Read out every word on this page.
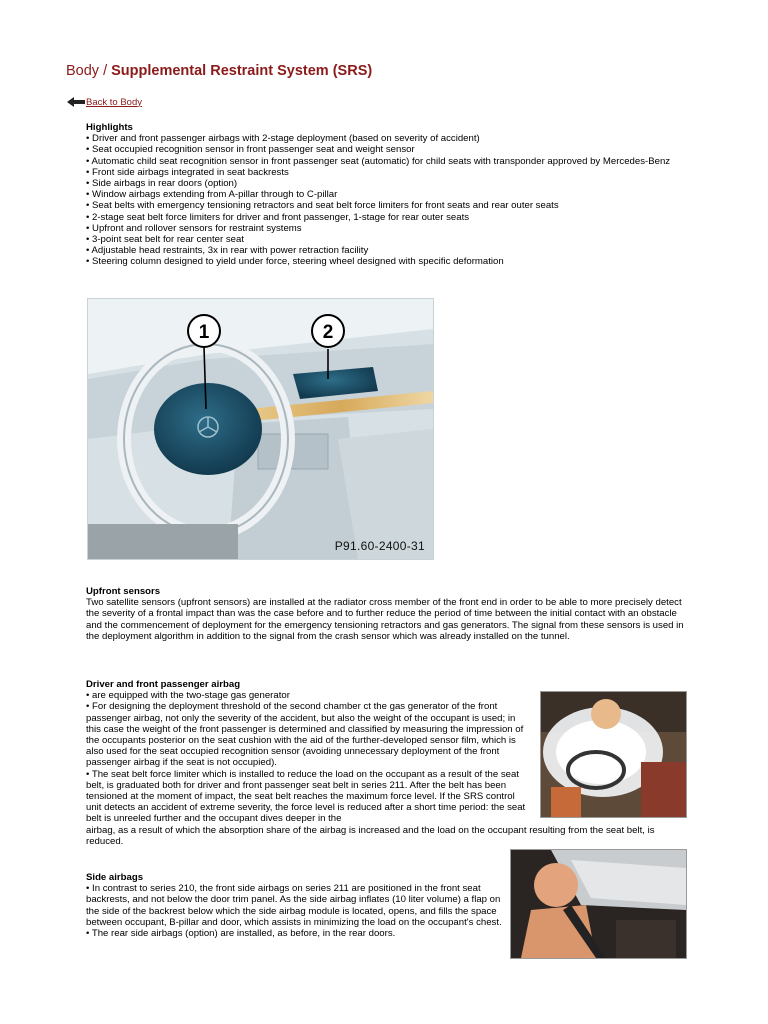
Body / Supplemental Restraint System (SRS)
Back to Body
Highlights
• Driver and front passenger airbags with 2-stage deployment (based on severity of accident)
• Seat occupied recognition sensor in front passenger seat and weight sensor
• Automatic child seat recognition sensor in front passenger seat (automatic) for child seats with transponder approved by Mercedes-Benz
• Front side airbags integrated in seat backrests
• Side airbags in rear doors (option)
• Window airbags extending from A-pillar through to C-pillar
• Seat belts with emergency tensioning retractors and seat belt force limiters for front seats and rear outer seats
• 2-stage seat belt force limiters for driver and front passenger, 1-stage for rear outer seats
• Upfront and rollover sensors for restraint systems
• 3-point seat belt for rear center seat
• Adjustable head restraints, 3x in rear with power retraction facility
• Steering column designed to yield under force, steering wheel designed with specific deformation
1	2
P91.60-2400-31
Upfront sensors
Two satellite sensors (upfront sensors) are installed at the radiator cross member of the front end in order to be able to more precisely detect the severity of a frontal impact than was the case before and to further reduce the period of time between the initial contact with an obstacle and the commencement of deployment for the emergency tensioning retractors and gas generators. The signal from these sensors is used in the deployment algorithm in addition to the signal from the crash sensor which was already installed on the tunnel.
Driver and front passenger airbag
• are equipped with the two-stage gas generator
• For designing the deployment threshold of the second chamber ct the gas generator of the front passenger airbag, not only the severity of the accident, but also the weight of the occupant is used; in this case the weight of the front passenger is determined and classified by measuring the impression of the occupants posterior on the seat cushion with the aid of the further-developed sensor film, which is also used for the seat occupied recognition sensor (avoiding unnecessary deployment of the front passenger airbag if the seat is not occupied).
• The seat belt force limiter which is installed to reduce the load on the occupant as a result of the seat belt, is graduated both for driver and front passenger seat belt in series 211. After the belt has been tensioned at the moment of impact, the seat belt reaches the maximum force level. If the SRS control unit detects an accident of extreme severity, the force level is reduced after a short time period: the seat belt is unreeled further and the occupant dives deeper in the
airbag, as a result of which the absorption share of the airbag is increased and the load on the occupant resulting from the seat belt, is reduced.
Side airbags
• In contrast to series 210, the front side airbags on series 211 are positioned in the front seat backrests, and not below the door trim panel. As the side airbag inflates (10 liter volume) a flap on the side of the backrest below which the side airbag module is located, opens, and fills the space between occupant, B-pillar and door, which assists in minimizing the load on the occupant's chest.
• The rear side airbags (option) are installed, as before, in the rear doors.
